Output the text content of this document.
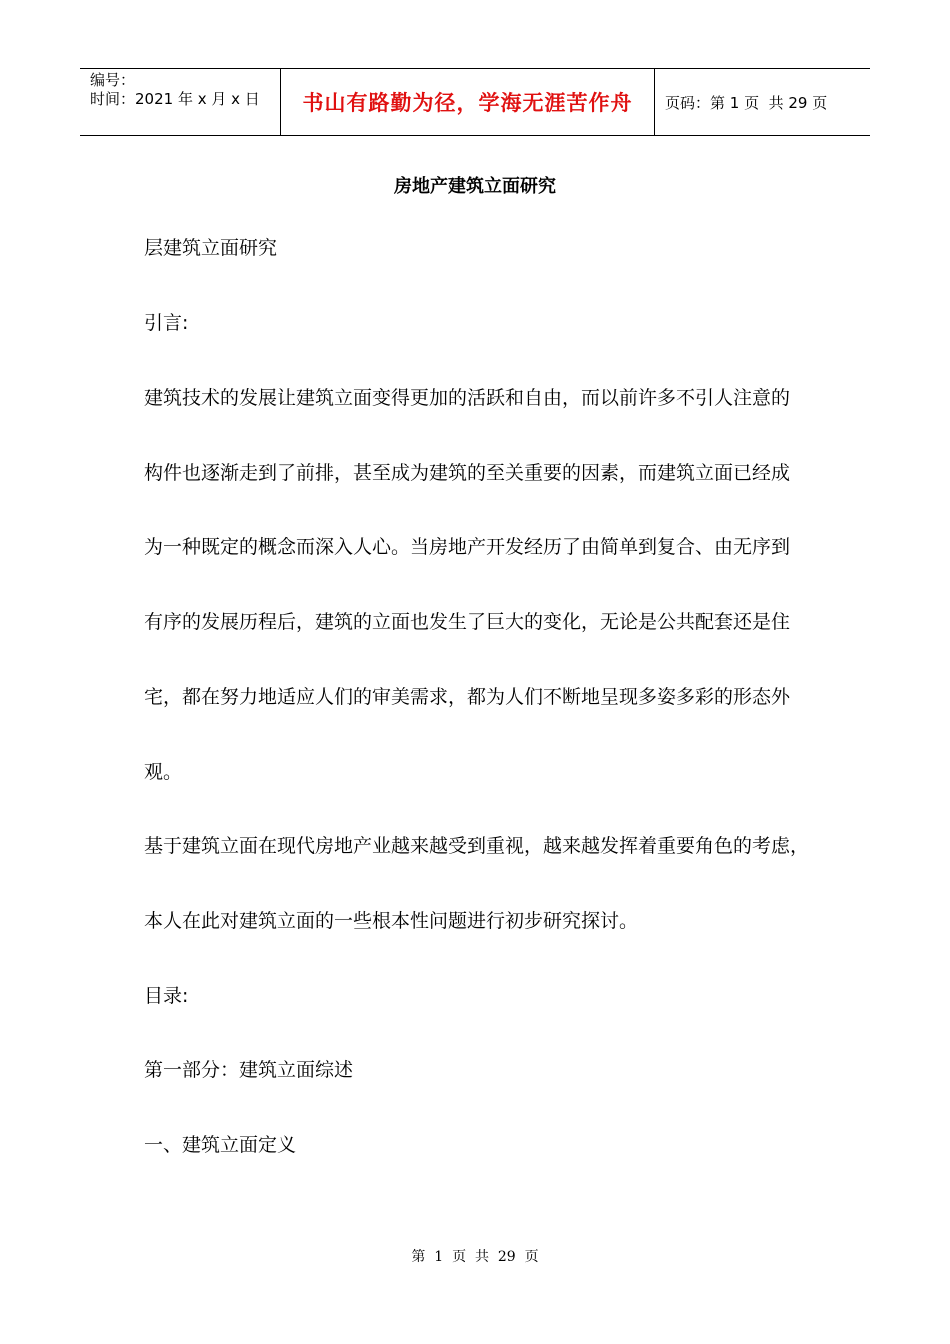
编号：
时间：2021 年 x 月 x 日	书山有路勤为径，学海无涯苦作舟	页码：第 1 页  共 29 页
房地产建筑立面研究
层建筑立面研究
引言:
建筑技术的发展让建筑立面变得更加的活跃和自由，而以前许多不引人注意的
构件也逐渐走到了前排，甚至成为建筑的至关重要的因素，而建筑立面已经成
为一种既定的概念而深入人心。当房地产开发经历了由简单到复合、由无序到
有序的发展历程后，建筑的立面也发生了巨大的变化，无论是公共配套还是住
宅，都在努力地适应人们的审美需求，都为人们不断地呈现多姿多彩的形态外
观。
基于建筑立面在现代房地产业越来越受到重视，越来越发挥着重要角色的考虑，
本人在此对建筑立面的一些根本性问题进行初步研究探讨。
目录:
第一部分：建筑立面综述
一、建筑立面定义
第  1  页  共  29  页
